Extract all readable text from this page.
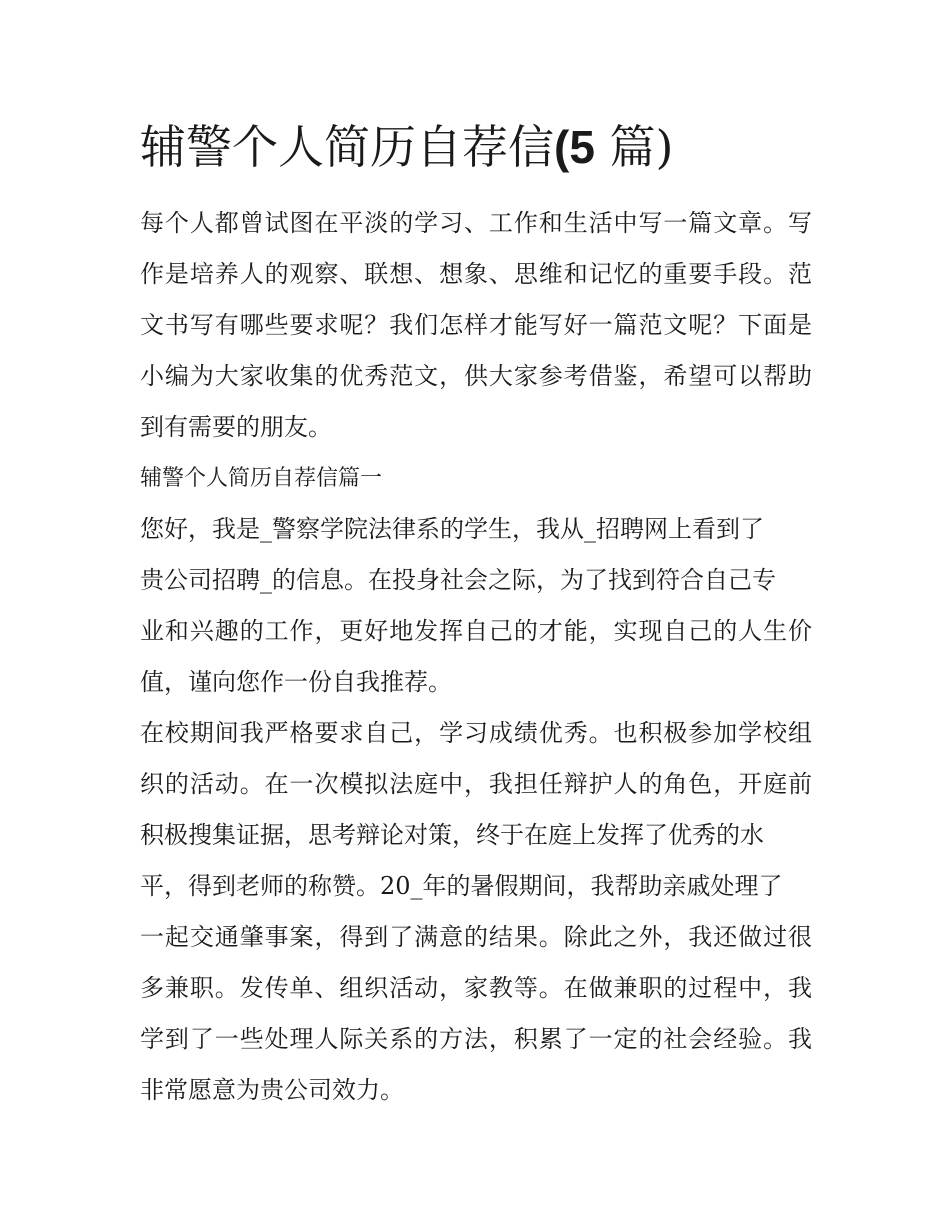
辅警个人简历自荐信(5 篇)
每个人都曾试图在平淡的学习、工作和生活中写一篇文章。写
作是培养人的观察、联想、想象、思维和记忆的重要手段。范
文书写有哪些要求呢？我们怎样才能写好一篇范文呢？下面是
小编为大家收集的优秀范文，供大家参考借鉴，希望可以帮助
到有需要的朋友。
辅警个人简历自荐信篇一
您好，我是_警察学院法律系的学生，我从_招聘网上看到了
贵公司招聘_的信息。在投身社会之际，为了找到符合自己专
业和兴趣的工作，更好地发挥自己的才能，实现自己的人生价
值，谨向您作一份自我推荐。
在校期间我严格要求自己，学习成绩优秀。也积极参加学校组
织的活动。在一次模拟法庭中，我担任辩护人的角色，开庭前
积极搜集证据，思考辩论对策，终于在庭上发挥了优秀的水
平，得到老师的称赞。20_年的暑假期间，我帮助亲戚处理了
一起交通肇事案，得到了满意的结果。除此之外，我还做过很
多兼职。发传单、组织活动，家教等。在做兼职的过程中，我
学到了一些处理人际关系的方法，积累了一定的社会经验。我
非常愿意为贵公司效力。
